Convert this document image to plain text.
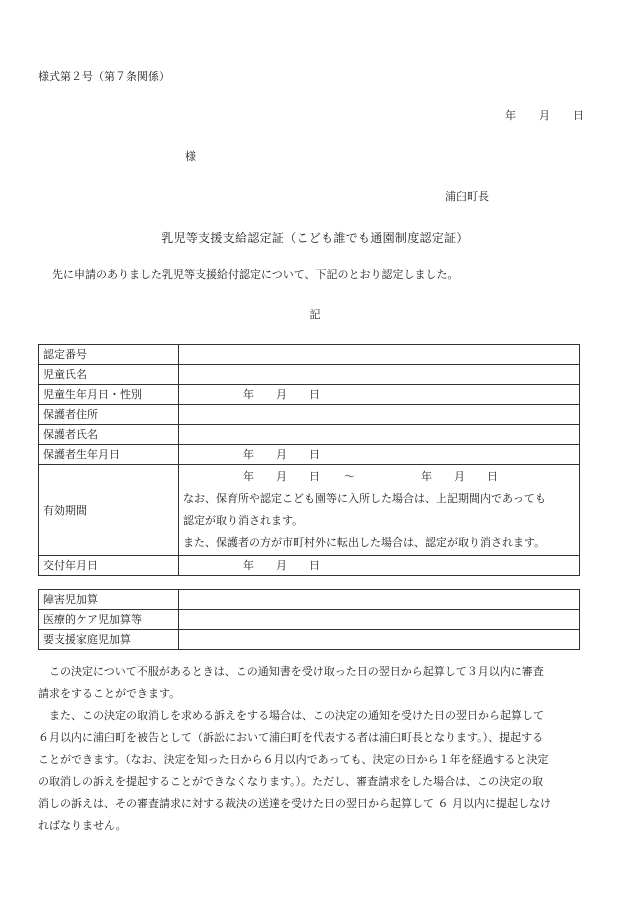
様式第２号（第７条関係）
年 月 日
様
浦臼町長
乳児等支援支給認定証（こども誰でも通園制度認定証）
先に申請のありました乳児等支援給付認定について、下記のとおり認定しました。
記
認定番号	
児童氏名	
児童生年月日・性別	年 月 日
保護者住所	
保護者氏名	
保護者生年月日	年 月 日
有効期間	年 月 日 〜 年 月 日
なお、保育所や認定こども園等に入所した場合は、上記期間内であっても
認定が取り消されます。
また、保護者の方が市町村外に転出した場合は、認定が取り消されます。

交付年月日	年 月 日
障害児加算	
医療的ケア児加算等	
要支援家庭児加算	

　この決定について不服があるときは、この通知書を受け取った日の翌日から起算して３月以内に審査

請求をすることができます。

　また、この決定の取消しを求める訴えをする場合は、この決定の通知を受けた日の翌日から起算して

６月以内に浦臼町を被告として（訴訟において浦臼町を代表する者は浦臼町長となります。）、提起する

ことができます。（なお、決定を知った日から６月以内であっても、決定の日から１年を経過すると決定

の取消しの訴えを提起することができなくなります。）。ただし、審査請求をした場合は、この決定の取

消しの訴えは、その審査請求に対する裁決の送達を受けた日の翌日から起算して ６ 月以内に提起しなけ

ればなりません。
